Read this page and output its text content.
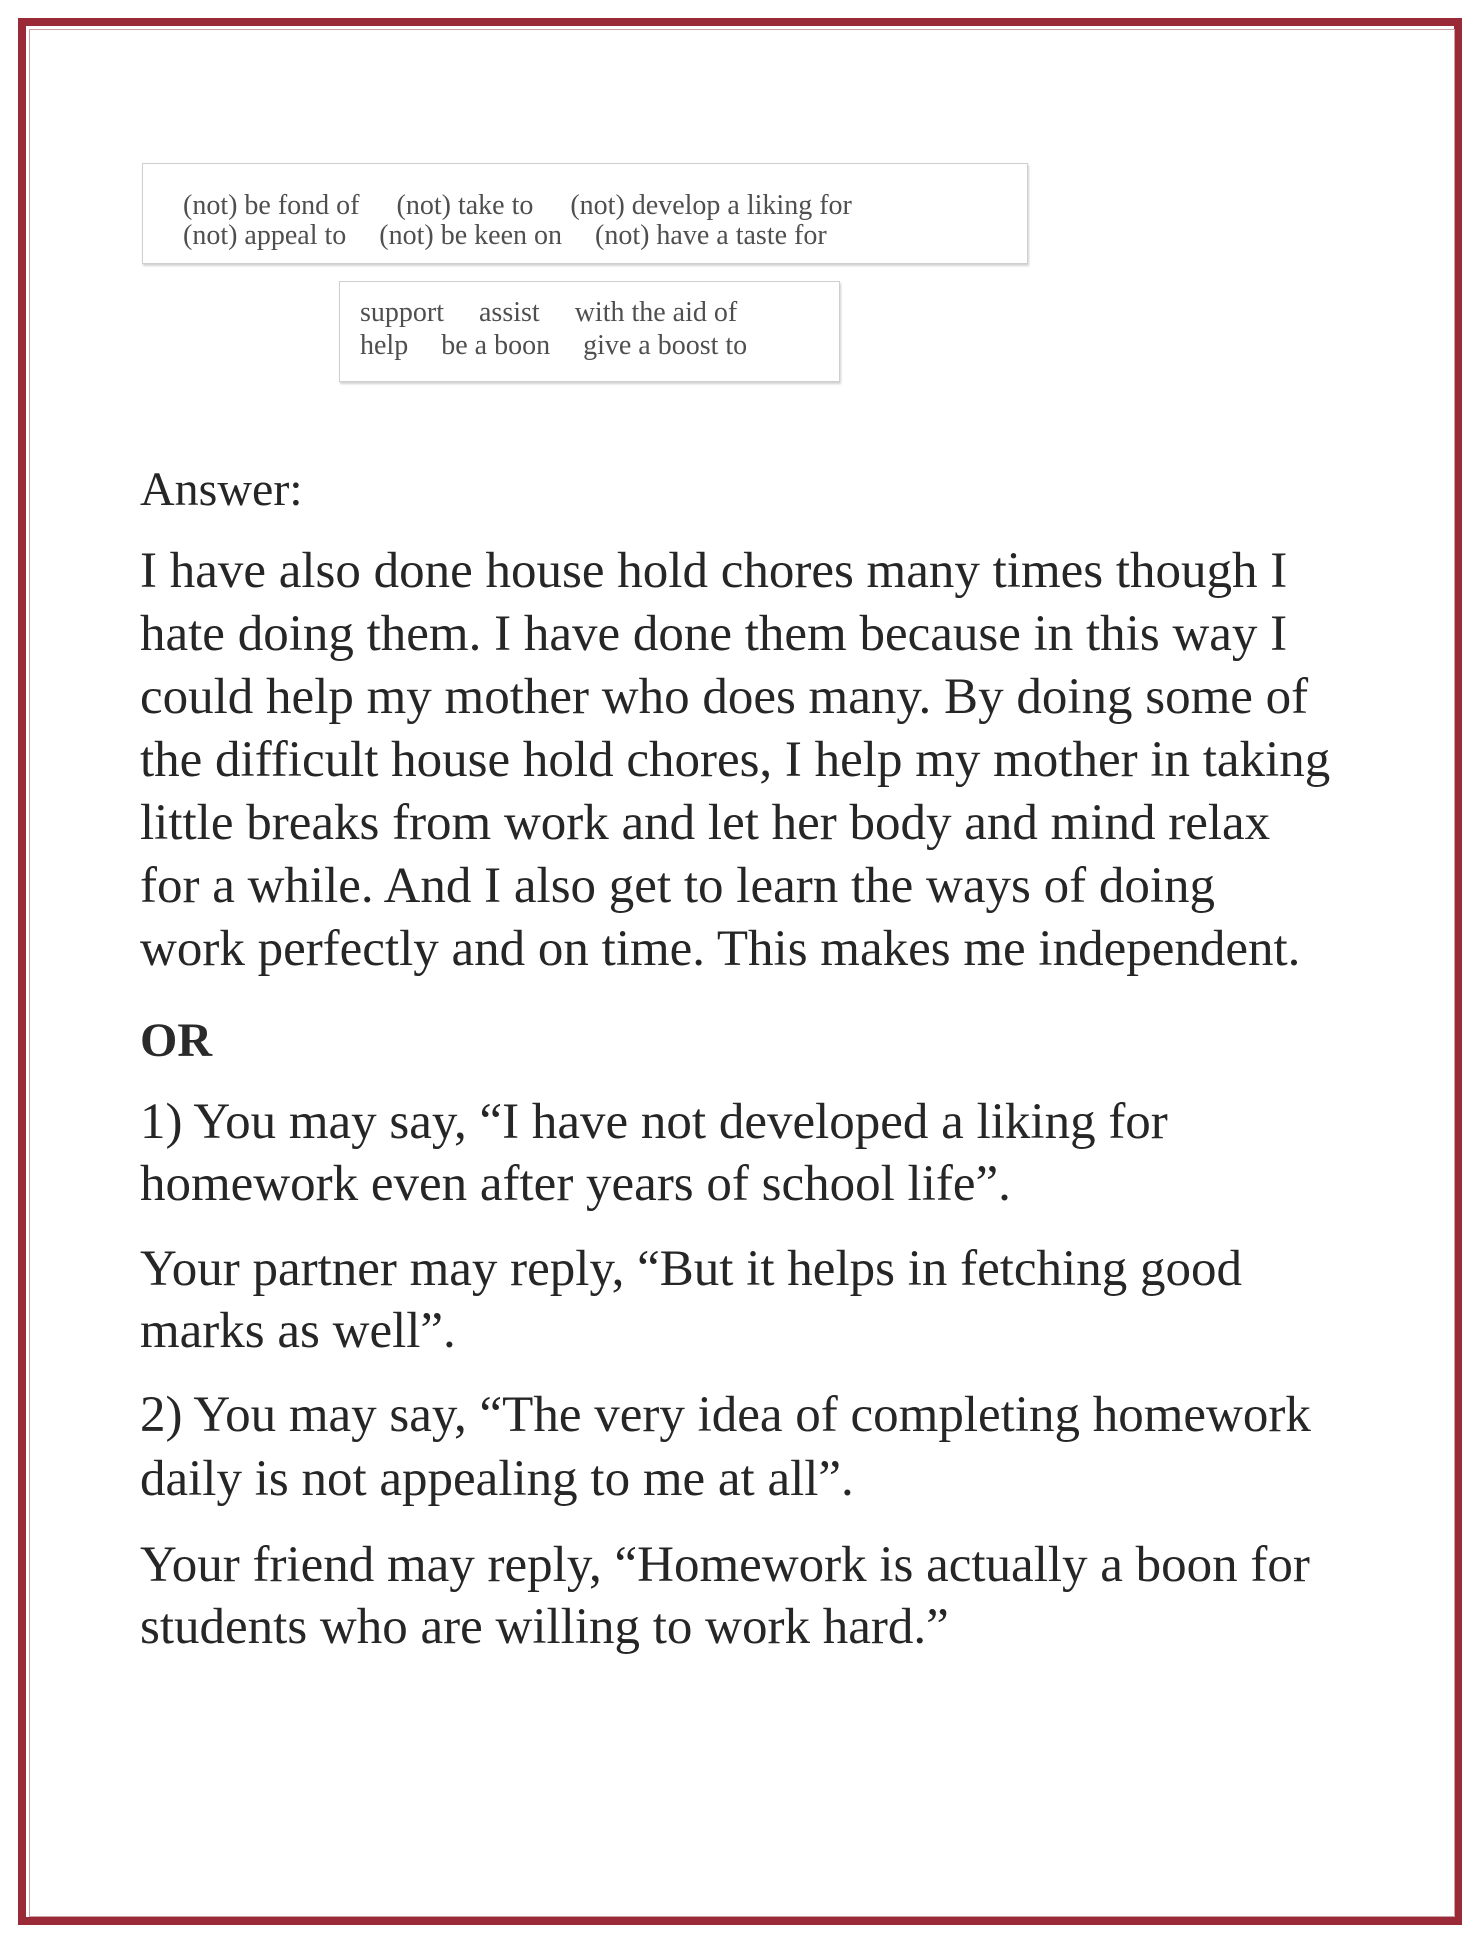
(not) be fond of (not) take to (not) develop a liking for
(not) appeal to (not) be keen on (not) have a taste for
support assist with the aid of
help be a boon give a boost to
Answer:
I have also done house hold chores many times though I
hate doing them. I have done them because in this way I
could help my mother who does many. By doing some of
the difficult house hold chores, I help my mother in taking
little breaks from work and let her body and mind relax
for a while. And I also get to learn the ways of doing
work perfectly and on time. This makes me independent.
OR
1) You may say, “I have not developed a liking for
homework even after years of school life”.
Your partner may reply, “But it helps in fetching good
marks as well”.
2) You may say, “The very idea of completing homework
daily is not appealing to me at all”.
Your friend may reply, “Homework is actually a boon for
students who are willing to work hard.”
